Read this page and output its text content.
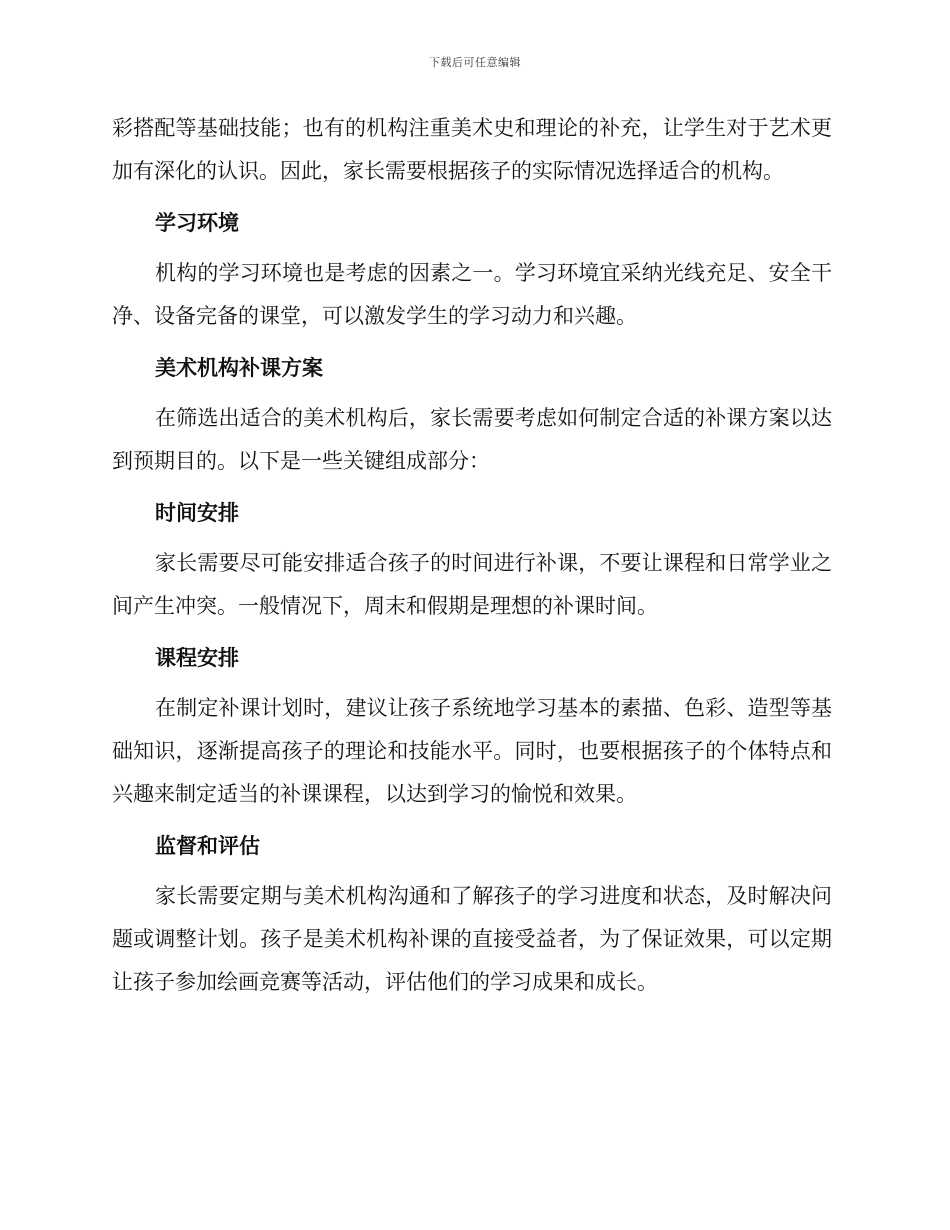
下载后可任意编辑

彩搭配等基础技能；也有的机构注重美术史和理论的补充，让学生对于艺术更加有深化的认识。因此，家长需要根据孩子的实际情况选择适合的机构。

学习环境

机构的学习环境也是考虑的因素之一。学习环境宜采纳光线充足、安全干净、设备完备的课堂，可以激发学生的学习动力和兴趣。

美术机构补课方案

在筛选出适合的美术机构后，家长需要考虑如何制定合适的补课方案以达到预期目的。以下是一些关键组成部分：

时间安排

家长需要尽可能安排适合孩子的时间进行补课，不要让课程和日常学业之间产生冲突。一般情况下，周末和假期是理想的补课时间。

课程安排

在制定补课计划时，建议让孩子系统地学习基本的素描、色彩、造型等基础知识，逐渐提高孩子的理论和技能水平。同时，也要根据孩子的个体特点和兴趣来制定适当的补课课程，以达到学习的愉悦和效果。

监督和评估

家长需要定期与美术机构沟通和了解孩子的学习进度和状态，及时解决问题或调整计划。孩子是美术机构补课的直接受益者，为了保证效果，可以定期让孩子参加绘画竞赛等活动，评估他们的学习成果和成长。
